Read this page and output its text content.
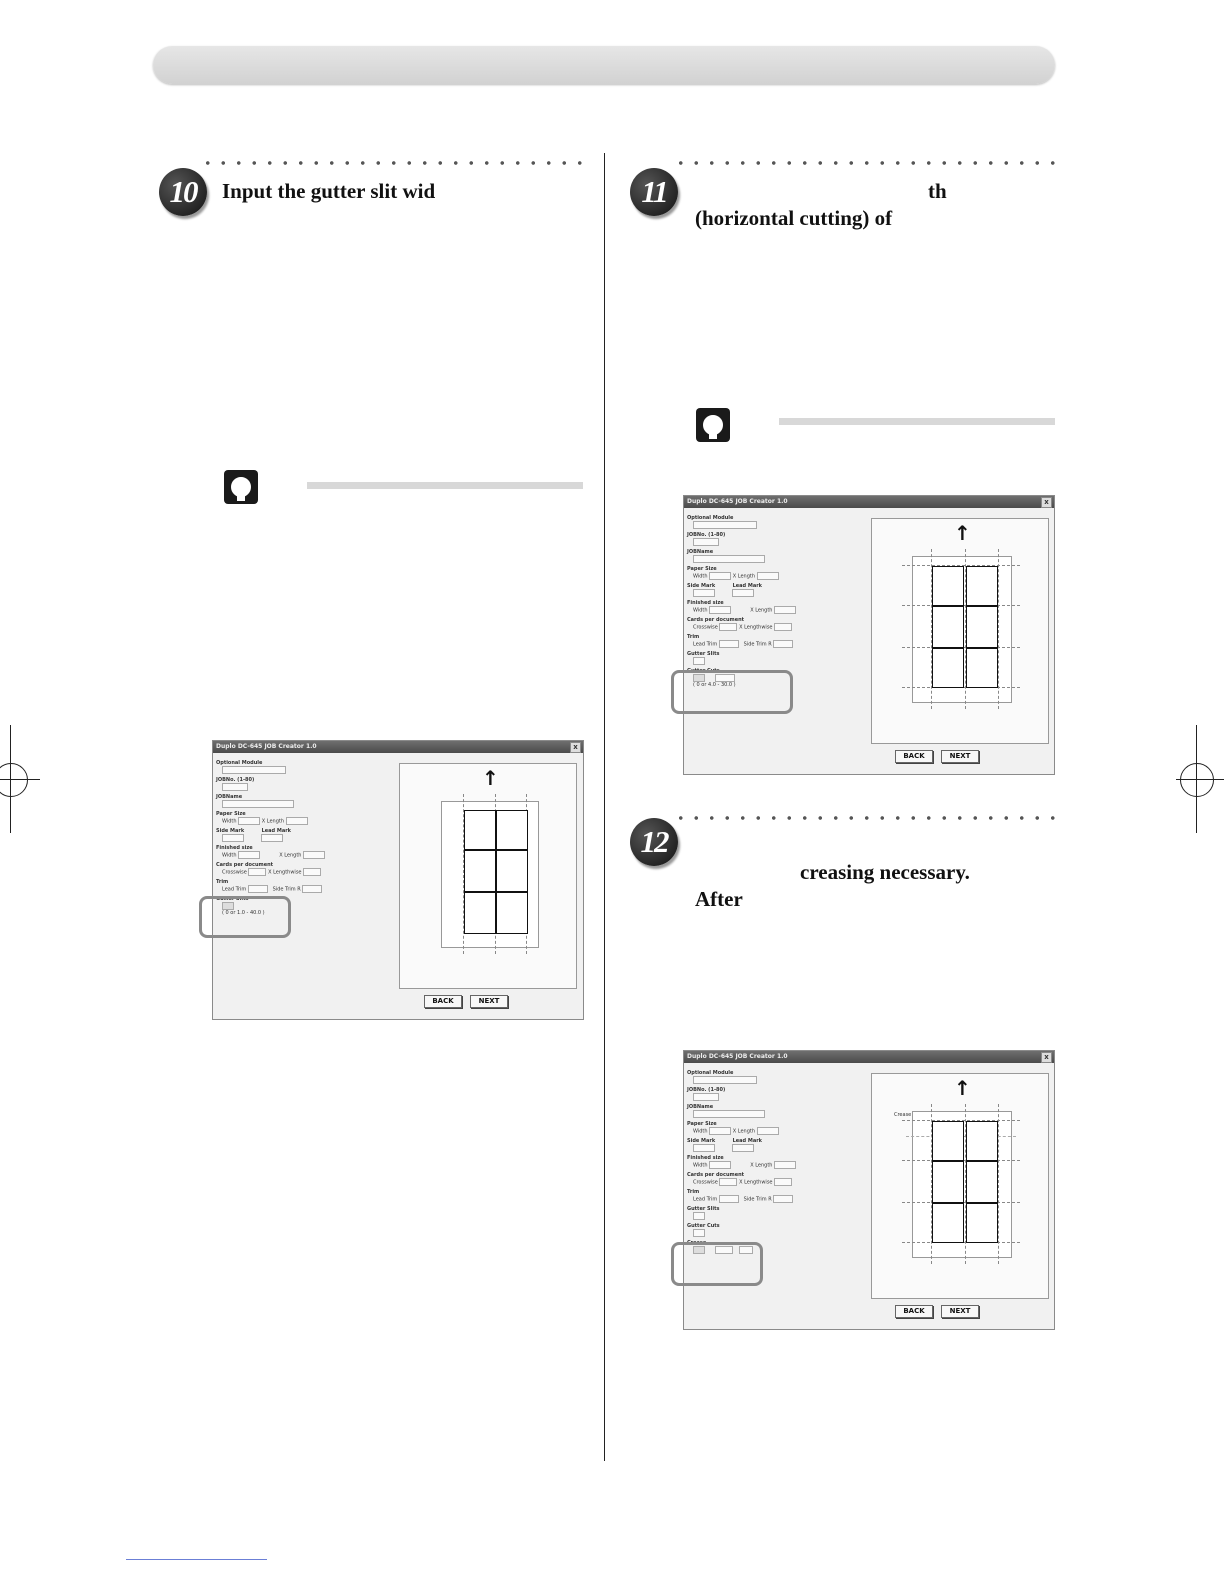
10	Input the gutter slit wid
Duplo DC-645 JOB Creator 1.0	x
Optional Module
JOBNo. (1-80)
JOBName
Paper Size
Width	X Length
Side Mark	Lead Mark

Finished size
Width	X Length
Cards per document
Crosswise	X Lengthwise
Trim
Lead Trim	Side Trim R
Gutter Slits
( 0 or 1.0 - 40.0 )
↑
BACK	NEXT
11	th
(horizontal cutting) of
Duplo DC-645 JOB Creator 1.0	x
Optional Module
JOBNo. (1-80)
JOBName
Paper Size
Width	X Length
Side Mark	Lead Mark

Finished size
Width	X Length
Cards per document
Crosswise	X Lengthwise
Trim
Lead Trim	Side Trim R
Gutter Slits
Gutter Cuts

( 0 or 4.0 - 30.0 )
↑
BACK	NEXT
12
creasing necessary.
After
Duplo DC-645 JOB Creator 1.0	x
Optional Module
JOBNo. (1-80)
JOBName
Paper Size
Width	X Length
Side Mark	Lead Mark

Finished size
Width	X Length
Cards per document
Crosswise	X Lengthwise
Trim
Lead Trim	Side Trim R
Gutter Slits
Gutter Cuts
Crease

↑
Crease
BACK	NEXT
